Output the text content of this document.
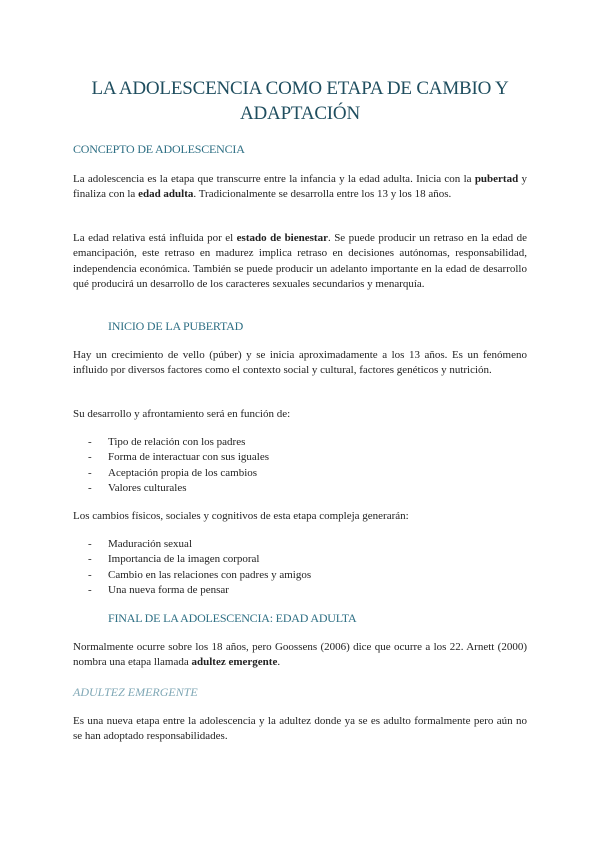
LA ADOLESCENCIA COMO ETAPA DE CAMBIO Y ADAPTACIÓN
CONCEPTO DE ADOLESCENCIA

La adolescencia es la etapa que transcurre entre la infancia y la edad adulta. Inicia con la pubertad y finaliza con la edad adulta. Tradicionalmente se desarrolla entre los 13 y los 18 años.

La edad relativa está influida por el estado de bienestar. Se puede producir un retraso en la edad de emancipación, este retraso en madurez implica retraso en decisiones autónomas, responsabilidad, independencia económica. También se puede producir un adelanto importante en la edad de desarrollo qué producirá un desarrollo de los caracteres sexuales secundarios y menarquía.

INICIO DE LA PUBERTAD

Hay un crecimiento de vello (púber) y se inicia aproximadamente a los 13 años. Es un fenómeno influido por diversos factores como el contexto social y cultural, factores genéticos y nutrición.

Su desarrollo y afrontamiento será en función de:

- Tipo de relación con los padres
- Forma de interactuar con sus iguales
- Aceptación propia de los cambios
- Valores culturales

Los cambios físicos, sociales y cognitivos de esta etapa compleja generarán:

- Maduración sexual
- Importancia de la imagen corporal
- Cambio en las relaciones con padres y amigos
- Una nueva forma de pensar
FINAL DE LA ADOLESCENCIA: EDAD ADULTA

Normalmente ocurre sobre los 18 años, pero Goossens (2006) dice que ocurre a los 22. Arnett (2000) nombra una etapa llamada adultez emergente.

ADULTEZ EMERGENTE

Es una nueva etapa entre la adolescencia y la adultez donde ya se es adulto formalmente pero aún no se han adoptado responsabilidades.
